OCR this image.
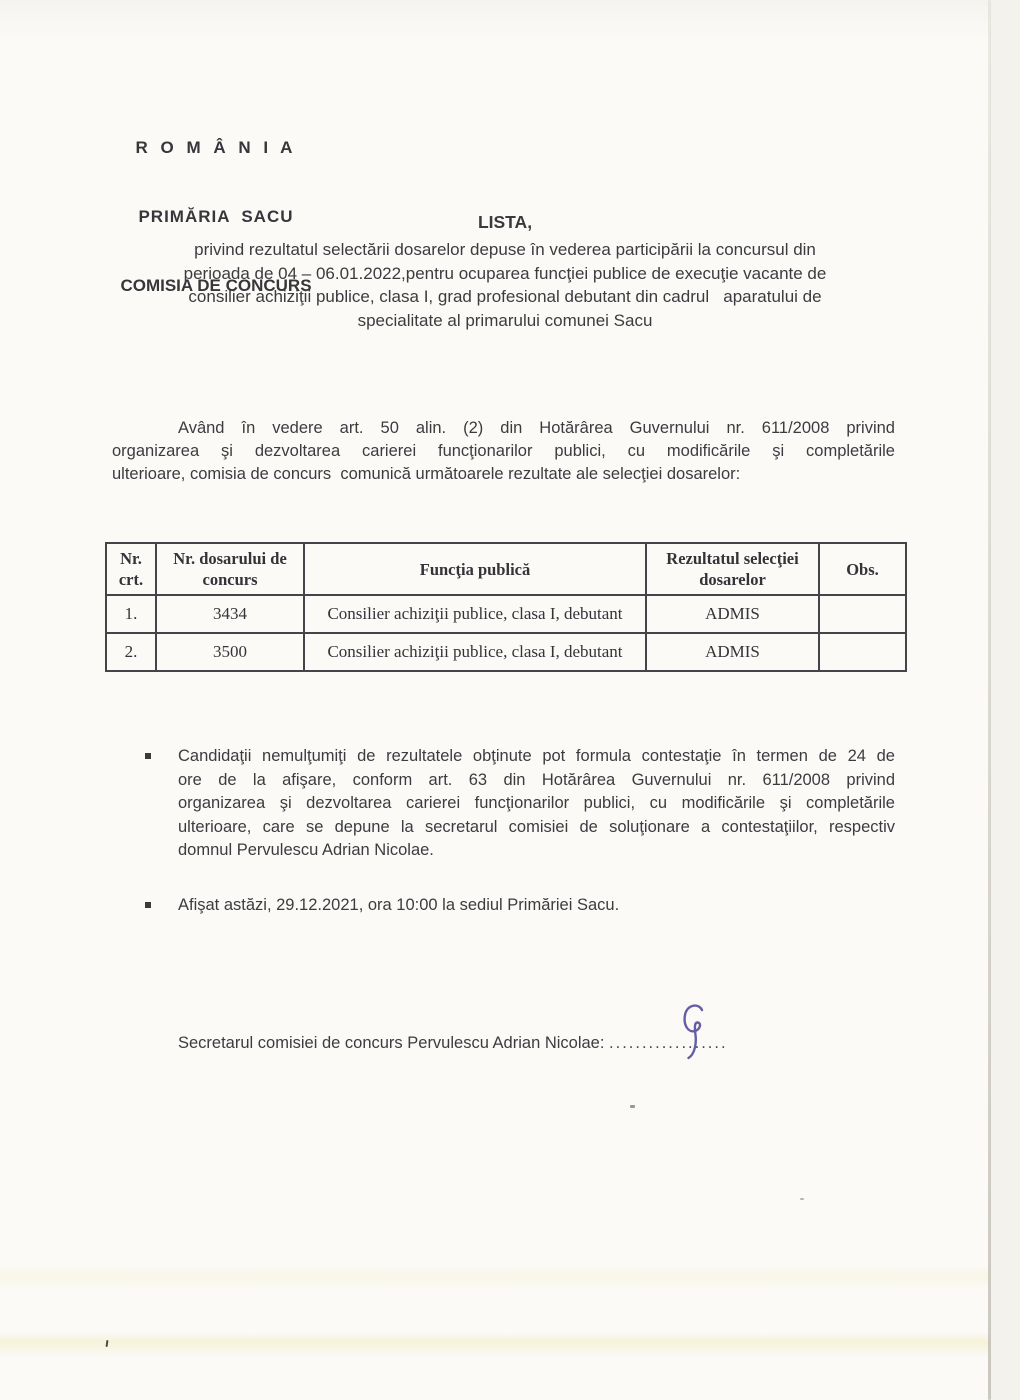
R O M Â N I A

PRIMĂRIA  SACU

COMISIA DE CONCURS

LISTA,
privind rezultatul selectării dosarelor depuse în vederea participării la concursul din
perioada de 04 – 06.01.2022,pentru ocuparea funcţiei publice de execuţie vacante de
consilier achiziţii publice, clasa I, grad profesional debutant din cadrul   aparatului de
specialitate al primarului comunei Sacu
Având în vedere art. 50 alin. (2) din Hotărârea Guvernului nr. 611/2008 privind
organizarea şi dezvoltarea carierei funcţionarilor publici, cu modificările şi completările
ulterioare, comisia de concurs  comunică următoarele rezultate ale selecţiei dosarelor:
Nr. crt.	Nr. dosarului de concurs	Funcţia publică	Rezultatul selecţiei dosarelor	Obs.
1.	3434	Consilier achiziţii publice, clasa I, debutant	ADMIS	
2.	3500	Consilier achiziţii publice, clasa I, debutant	ADMIS	
Candidaţii nemulţumiţi de rezultatele obţinute pot formula contestaţie în termen de 24 de
ore de la afişare, conform art. 63 din Hotărârea Guvernului nr. 611/2008 privind
organizarea şi dezvoltarea carierei funcţionarilor publici, cu modificările şi completările
ulterioare, care se depune la secretarul comisiei de soluţionare a contestaţiilor, respectiv
domnul Pervulescu Adrian Nicolae.
Afişat astăzi, 29.12.2021, ora 10:00 la sediul Primăriei Sacu.
Secretarul comisiei de concurs Pervulescu Adrian Nicolae: ..................
